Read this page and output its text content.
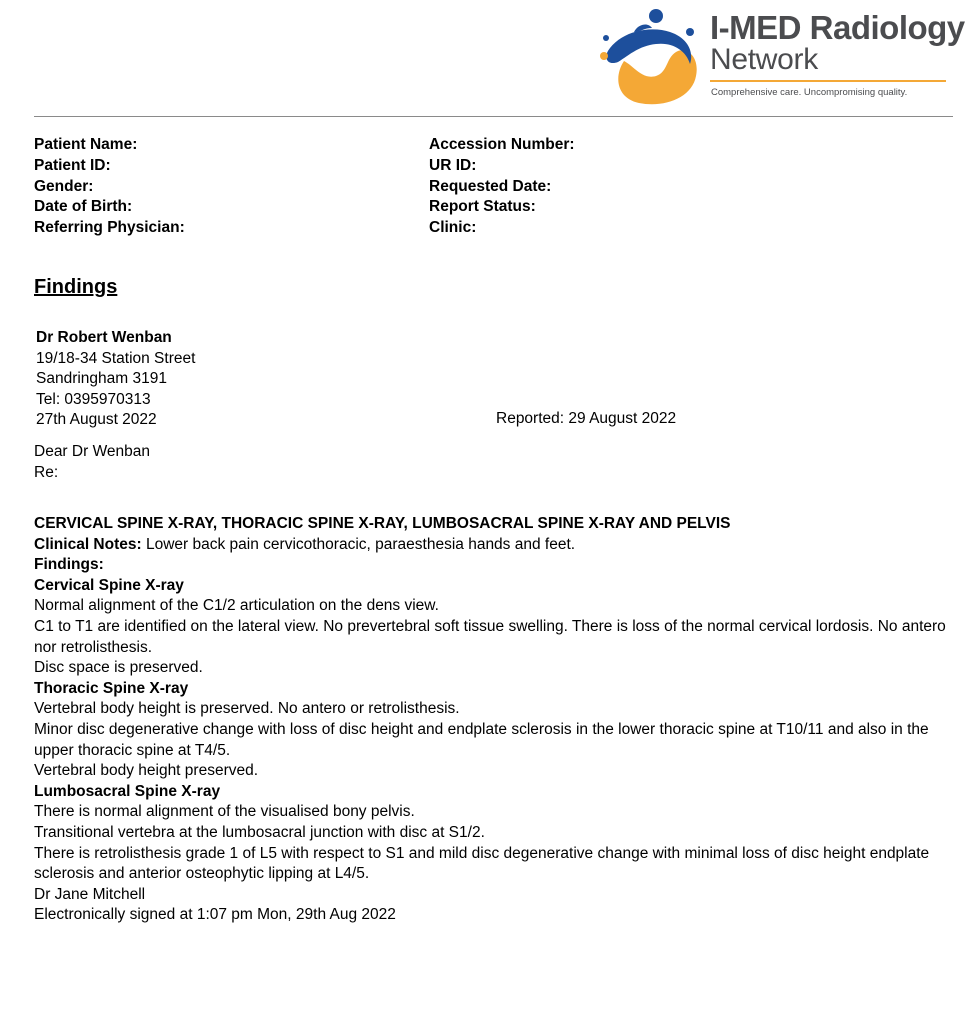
I-MED Radiology
Network
Comprehensive care. Uncompromising quality.
Patient Name:
Patient ID:
Gender:
Date of Birth:
Referring Physician:
Accession Number:
UR ID:
Requested Date:
Report Status:
Clinic:
Findings
Dr Robert Wenban
19/18-34 Station Street
Sandringham 3191
Tel: 0395970313
27th August 2022	Reported: 29 August 2022
Dear Dr Wenban
Re:
CERVICAL SPINE X-RAY, THORACIC SPINE X-RAY, LUMBOSACRAL SPINE X-RAY AND PELVIS
Clinical Notes: Lower back pain cervicothoracic, paraesthesia hands and feet.
Findings:
Cervical Spine X-ray
Normal alignment of the C1/2 articulation on the dens view.
C1 to T1 are identified on the lateral view. No prevertebral soft tissue swelling. There is loss of the normal cervical lordosis. No antero nor retrolisthesis.
Disc space is preserved.
Thoracic Spine X-ray
Vertebral body height is preserved. No antero or retrolisthesis.
Minor disc degenerative change with loss of disc height and endplate sclerosis in the lower thoracic spine at T10/11 and also in the upper thoracic spine at T4/5.
Vertebral body height preserved.
Lumbosacral Spine X-ray
There is normal alignment of the visualised bony pelvis.
Transitional vertebra at the lumbosacral junction with disc at S1/2.
There is retrolisthesis grade 1 of L5 with respect to S1 and mild disc degenerative change with minimal loss of disc height endplate sclerosis and anterior osteophytic lipping at L4/5.
Dr Jane Mitchell
Electronically signed at 1:07 pm Mon, 29th Aug 2022
